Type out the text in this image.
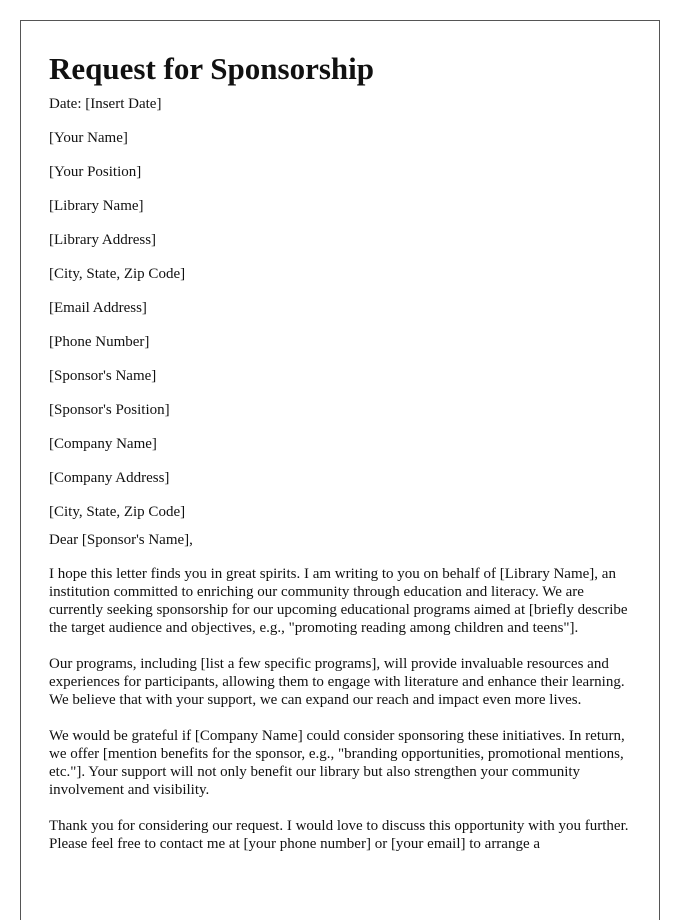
Request for Sponsorship

Date: [Insert Date]

[Your Name]

[Your Position]

[Library Name]

[Library Address]

[City, State, Zip Code]

[Email Address]

[Phone Number]

[Sponsor's Name]

[Sponsor's Position]

[Company Name]

[Company Address]

[City, State, Zip Code]

Dear [Sponsor's Name],

I hope this letter finds you in great spirits. I am writing to you on behalf of [Library Name], an institution committed to enriching our community through education and literacy. We are currently seeking sponsorship for our upcoming educational programs aimed at [briefly describe the target audience and objectives, e.g., "promoting reading among children and teens"].

Our programs, including [list a few specific programs], will provide invaluable resources and experiences for participants, allowing them to engage with literature and enhance their learning. We believe that with your support, we can expand our reach and impact even more lives.

We would be grateful if [Company Name] could consider sponsoring these initiatives. In return, we offer [mention benefits for the sponsor, e.g., "branding opportunities, promotional mentions, etc."]. Your support will not only benefit our library but also strengthen your community involvement and visibility.

Thank you for considering our request. I would love to discuss this opportunity with you further. Please feel free to contact me at [your phone number] or [your email] to arrange a
